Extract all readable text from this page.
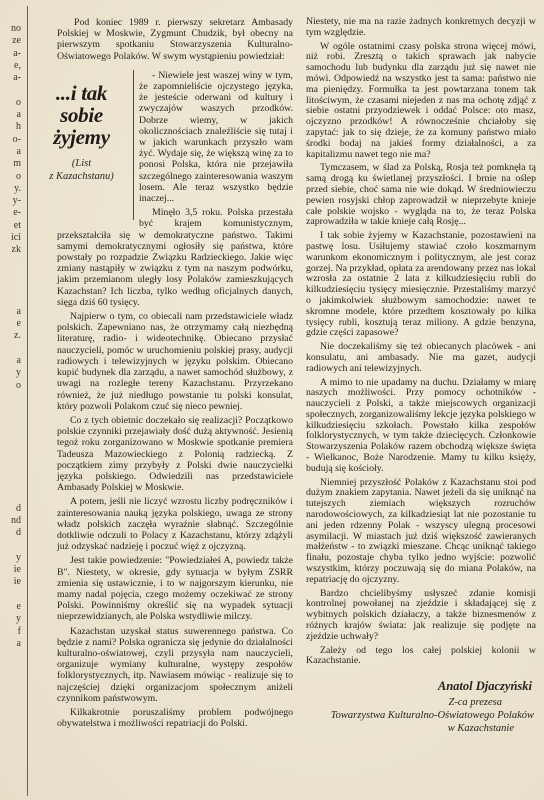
no
ze
a-
e,
a-
o
a
h
o-
a
m
o
y.
y-
e-
et
ici
zk
a
e
z.
a
y
o
d
nd
d
y
ie
ie
e
y
f
a

Pod koniec 1989 r. pierwszy sekretarz Ambasady Polskiej w Moskwie, Zygmunt Chudzik, był obecny na pierwszym spotkaniu Stowarzyszenia Kulturalno-Oświatowego Polaków. W swym wystąpieniu powiedział:

...i tak
sobie
żyjemy
(List
z Kazachstanu)

- Niewiele jest waszej winy w tym, że zapomnieliście ojczystego języka, że jesteście oderwani od kultury i zwyczajów waszych przodków. Dobrze wiemy, w jakich okolicznościach znaleźliście się tutaj i w jakich warunkach przyszło wam żyć. Wydaje się, że większą winę za to ponosi Polska, która nie przejawiła szczególnego zainteresowania waszym losem. Ale teraz wszystko będzie inaczej...

Minęło 3,5 roku. Polska przestała być krajem komunistycznym, przekształciła się w demokratyczne państwo. Takimi samymi demokratycznymi ogłosiły się państwa, które powstały po rozpadzie Związku Radzieckiego. Jakie więc zmiany nastąpiły w związku z tym na naszym podwórku, jakim przemianom uległy losy Polaków zamieszkujących Kazachstan? Ich liczba, tylko według oficjalnych danych, sięga dziś 60 tysięcy.

Najpierw o tym, co obiecali nam przedstawiciele władz polskich. Zapewniano nas, że otrzymamy całą niezbędną literaturę, radio- i wideotechnikę. Obiecano przysłać nauczycieli, pomóc w uruchomieniu polskiej prasy, audycji radiowych i telewizyjnych w języku polskim. Obiecano kupić budynek dla zarządu, a nawet samochód służbowy, z uwagi na rozległe tereny Kazachstanu. Przyrzekano również, że już niedługo powstanie tu polski konsulat, który pozwoli Polakom czuć się nieco pewniej.

Co z tych obietnic doczekało się realizacji? Początkowo polskie czynniki przejawiały dość dużą aktywność. Jesienią tegoż roku zorganizowano w Moskwie spotkanie premiera Tadeusza Mazowieckiego z Polonią radziecką. Z początkiem zimy przybyły z Polski dwie nauczycielki języka polskiego. Odwiedzili nas przedstawiciele Ambasady Polskiej w Moskwie.

A potem, jeśli nie liczyć wzrostu liczby podręczników i zainteresowania nauką języka polskiego, uwaga ze strony władz polskich zaczęła wyraźnie słabnąć. Szczególnie dotkliwie odczuli to Polacy z Kazachstanu, którzy zdążyli już odzyskać nadzieję i poczuć więź z ojczyzną.

Jest takie powiedzenie: "Powiedziałeś A, powiedz także B". Niestety, w okresie, gdy sytuacja w byłym ZSRR zmienia się ustawicznie, i to w najgorszym kierunku, nie mamy nadal pojęcia, czego możemy oczekiwać ze strony Polski. Powinniśmy określić się na wypadek sytuacji nieprzewidzianych, ale Polska wstydliwie milczy.

Kazachstan uzyskał status suwerennego państwa. Co będzie z nami? Polska ogranicza się jedynie do działalności kulturalno-oświatowej, czyli przysyła nam nauczycieli, organizuje wymiany kulturalne, występy zespołów folklorystycznych, itp. Nawiasem mówiąc - realizuje się to najczęściej dzięki organizacjom społecznym aniżeli czynnikom państwowym.

Kilkakrotnie poruszaliśmy problem podwójnego obywatelstwa i możliwości repatriacji do Polski.

Niestety, nie ma na razie żadnych konkretnych decyzji w tym względzie.

W ogóle ostatnimi czasy polska strona więcej mówi, niż robi. Zresztą o takich sprawach jak nabycie samochodu lub budynku dla zarządu już się nawet nie mówi. Odpowiedź na wszystko jest ta sama: państwo nie ma pieniędzy. Formułka ta jest powtarzana tonem tak litościwym, że czasami niejeden z nas ma ochotę zdjąć z siebie ostatni przyodziewek i oddać Polsce: oto masz, ojczyzno przodków! A równocześnie chciałoby się zapytać: jak to się dzieje, że za komuny państwo miało środki bodaj na jakieś formy działalności, a za kapitalizmu nawet tego nie ma?

Tymczasem, w ślad za Polską, Rosja też pomknęła tą samą drogą ku świetlanej przyszłości. I brnie na oślep przed siebie, choć sama nie wie dokąd. W średniowieczu pewien rosyjski chłop zaprowadził w nieprzebyte knieje całe polskie wojsko - wygląda na to, że teraz Polska zaprowadziła w takie knieje całą Rosję...

I tak sobie żyjemy w Kazachstanie, pozostawieni na pastwę losu. Usiłujemy stawiać czoło koszmarnym warunkom ekonomicznym i politycznym, ale jest coraz gorzej. Na przykład, opłata za arendowany przez nas lokal wzrosła za ostatnie 2 lata z kilkudziesięciu rubli do kilkudziesięciu tysięcy miesięcznie. Przestaliśmy marzyć o jakimkolwiek służbowym samochodzie: nawet te skromne modele, które przedtem kosztowały po kilka tysięcy rubli, kosztują teraz miliony. A gdzie benzyna, gdzie części zapasowe?

Nie doczekaliśmy się też obiecanych placówek - ani konsulatu, ani ambasady. Nie ma gazet, audycji radiowych ani telewizyjnych.

A mimo to nie upadamy na duchu. Działamy w miarę naszych możliwości. Przy pomocy ochotników - nauczycieli z Polski, a także miejscowych organizacji społecznych, zorganizowaliśmy lekcje języka polskiego w kilkudziesięciu szkołach. Powstało kilka zespołów folklorystycznych, w tym także dziecięcych. Członkowie Stowarzyszenia Polaków razem obchodzą większe święta - Wielkanoc, Boże Narodzenie. Mamy tu kilku księży, budują się kościoły.

Niemniej przyszłość Polaków z Kazachstanu stoi pod dużym znakiem zapytania. Nawet jeżeli da się uniknąć na tutejszych ziemiach większych rozruchów narodowościowych, za kilkadziesiąt lat nie pozostanie tu ani jeden rdzenny Polak - wszyscy ulegną procesowi asymilacji. W miastach już dziś większość zawieranych małżeństw - to związki mieszane. Chcąc uniknąć takiego finału, pozostaje chyba tylko jedno wyjście: pozwolić wszystkim, którzy poczuwają się do miana Polaków, na repatriację do ojczyzny.

Bardzo chcielibyśmy usłyszeć zdanie komisji kontrolnej powołanej na zjeździe i składającej się z wybitnych polskich działaczy, a także biznesmenów z różnych krajów świata: jak realizuje się podjęte na zjeździe uchwały?

Zależy od tego los całej polskiej kolonii w Kazachstanie.

Anatol Djaczyński
Z-ca prezesa
Towarzystwa Kulturalno-Oświatowego Polaków
w Kazachstanie
